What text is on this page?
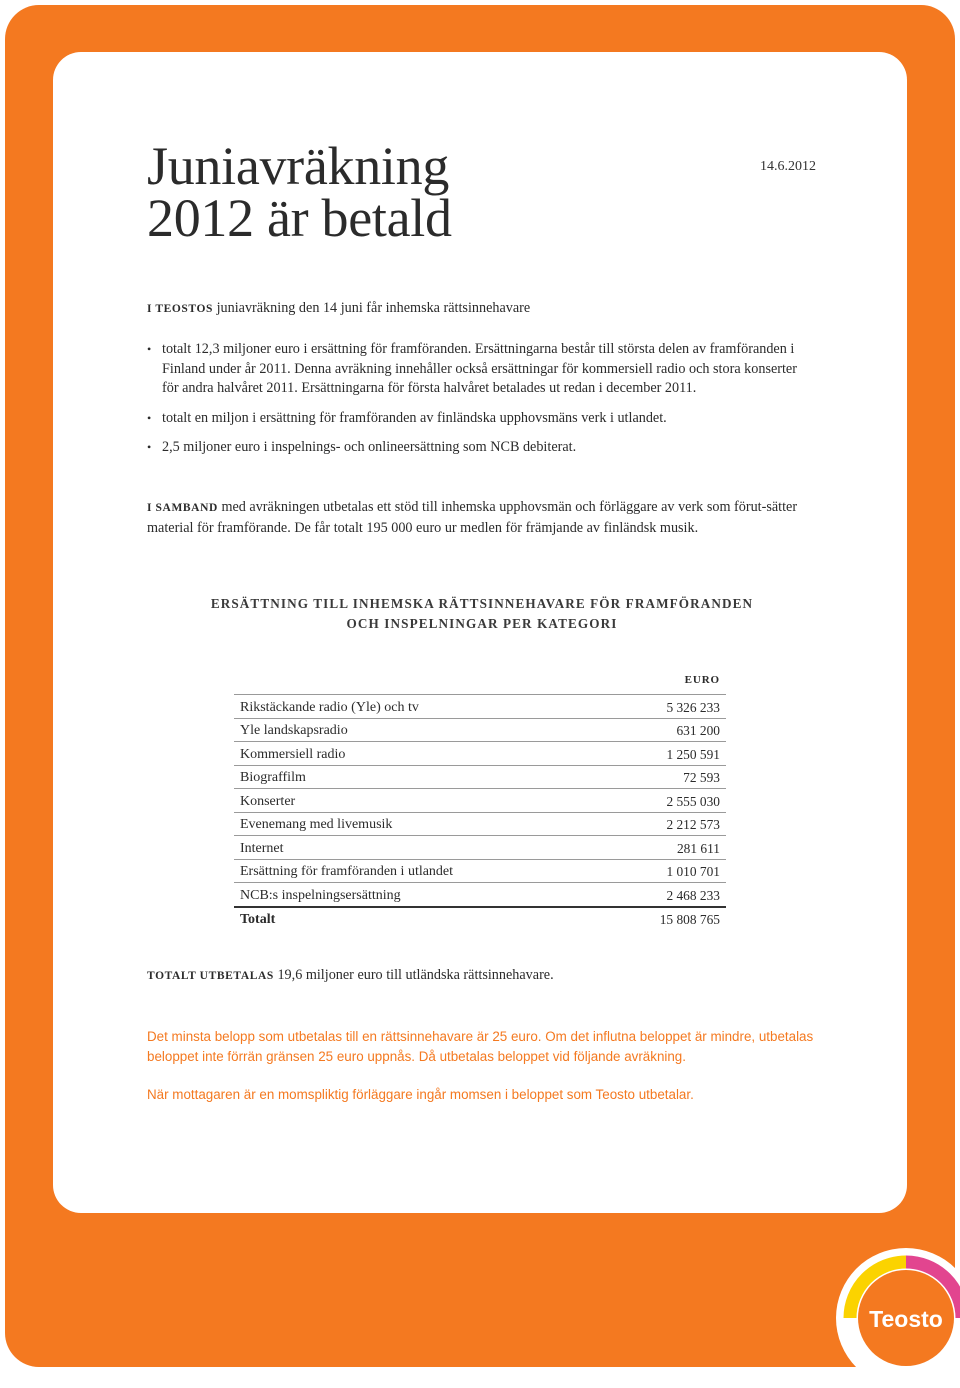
Juniavräkning
2012 är betald
14.6.2012

I TEOSTOS juniavräkning den 14 juni får inhemska rättsinnehavare

• totalt 12,3 miljoner euro i ersättning för framföranden. Ersättningarna består till största delen av framföranden i Finland under år 2011. Denna avräkning innehåller också ersättningar för kommersiell radio och stora konserter för andra halvåret 2011. Ersättningarna för första halvåret betalades ut redan i december 2011.
• totalt en miljon i ersättning för framföranden av finländska upphovsmäns verk i utlandet.
• 2,5 miljoner euro i inspelnings- och onlineersättning som NCB debiterat.

I SAMBAND med avräkningen utbetalas ett stöd till inhemska upphovsmän och förläggare av verk som förut-sätter material för framförande. De får totalt 195 000 euro ur medlen för främjande av finländsk musik.

ERSÄTTNING TILL INHEMSKA RÄTTSINNEHAVARE FÖR FRAMFÖRANDEN
OCH INSPELNINGAR PER KATEGORI
	EURO
Rikstäckande radio (Yle) och tv	5 326 233
Yle landskapsradio	631 200
Kommersiell radio	1 250 591
Biograffilm	72 593
Konserter	2 555 030
Evenemang med livemusik	2 212 573
Internet	281 611
Ersättning för framföranden i utlandet	1 010 701
NCB:s inspelningsersättning	2 468 233
Totalt	15 808 765

TOTALT UTBETALAS 19,6 miljoner euro till utländska rättsinnehavare.

Det minsta belopp som utbetalas till en rättsinnehavare är 25 euro. Om det influtna beloppet är mindre, utbetalas beloppet inte förrän gränsen 25 euro uppnås. Då utbetalas beloppet vid följande avräkning.

När mottagaren är en momspliktig förläggare ingår momsen i beloppet som Teosto utbetalar.

Teosto
